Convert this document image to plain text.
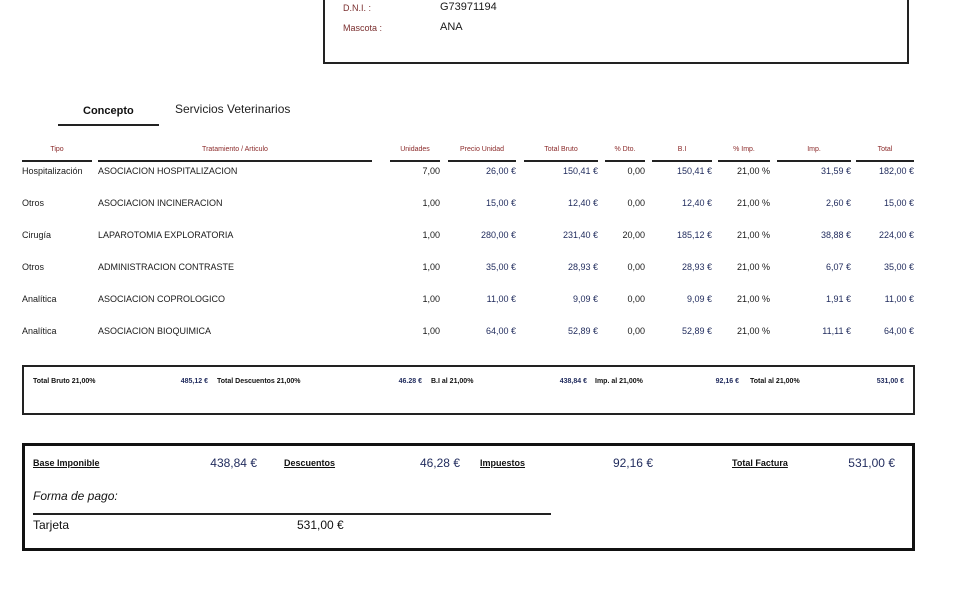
D.N.I. :	G73971194
Mascota :	ANA
Concepto	Servicios Veterinarios
Tipo	Tratamiento / Articulo	Unidades	Precio Unidad	Total Bruto	% Dto.	B.I	% Imp.	Imp.	Total
Hospitalización	ASOCIACION HOSPITALIZACION	7,00	26,00 €	150,41 €	0,00	150,41 €	21,00 %	31,59 €	182,00 €
Otros	ASOCIACION INCINERACION	1,00	15,00 €	12,40 €	0,00	12,40 €	21,00 %	2,60 €	15,00 €
Cirugía	LAPAROTOMIA EXPLORATORIA	1,00	280,00 €	231,40 €	20,00	185,12 €	21,00 %	38,88 €	224,00 €
Otros	ADMINISTRACION CONTRASTE	1,00	35,00 €	28,93 €	0,00	28,93 €	21,00 %	6,07 €	35,00 €
Analítica	ASOCIACION COPROLOGICO	1,00	11,00 €	9,09 €	0,00	9,09 €	21,00 %	1,91 €	11,00 €
Analítica	ASOCIACION BIOQUIMICA	1,00	64,00 €	52,89 €	0,00	52,89 €	21,00 %	11,11 €	64,00 €
Total Bruto 21,00%	485,12 € Total Descuentos 21,00%	46.28 € B.I al 21,00%	438,84 € Imp. al 21,00%	92,16 € Total al 21,00%	531,00 €
Base Imponible	438,84 €	Descuentos	46,28 € Impuestos	92,16 €	Total Factura	531,00 €
Forma de pago:
Tarjeta	531,00 €
